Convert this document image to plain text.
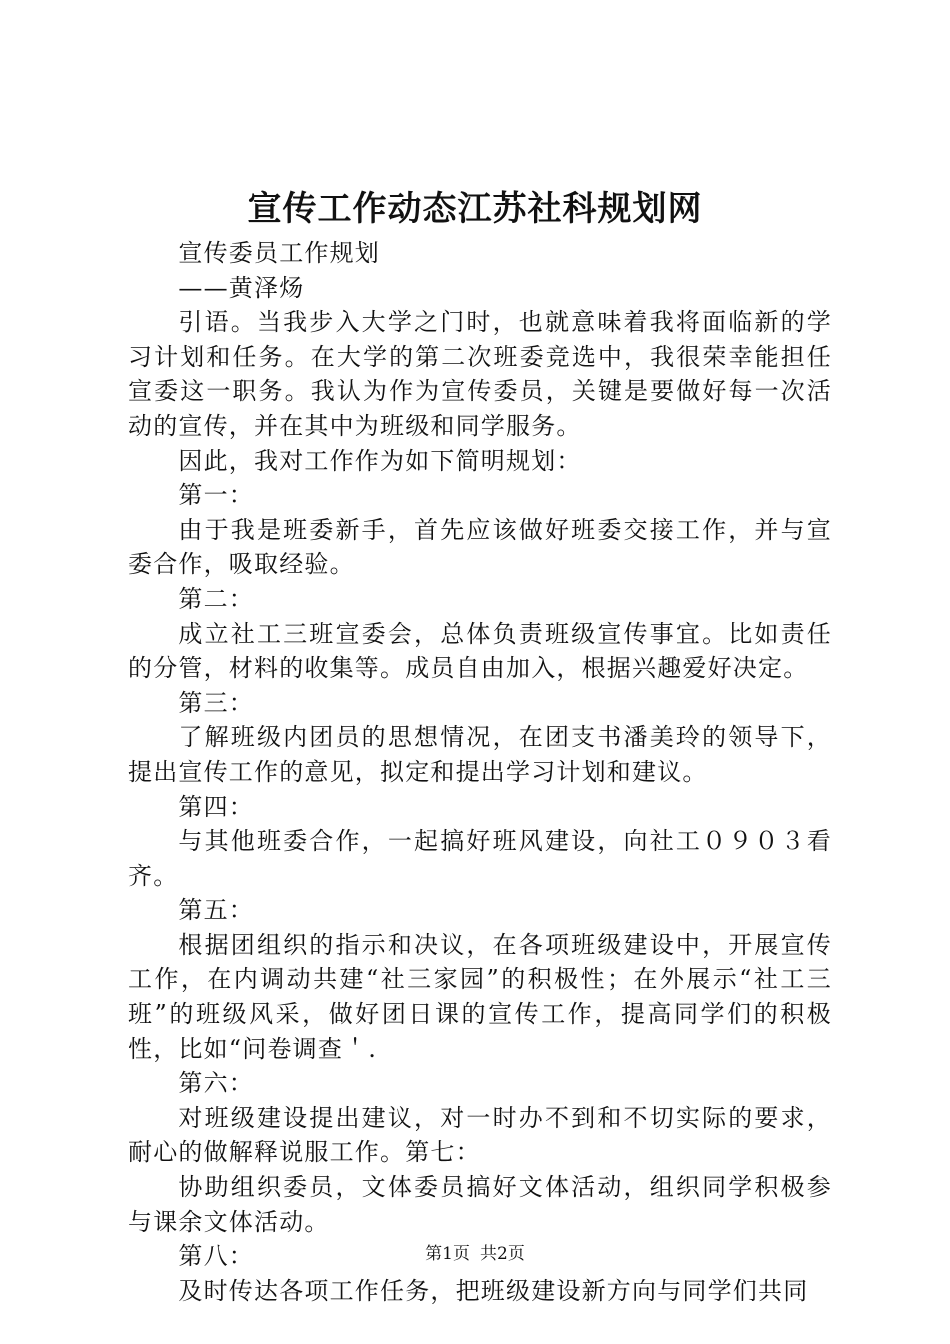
宣传工作动态江苏社科规划网

宣传委员工作规划

——黄泽炀

引语。当我步入大学之门时，也就意味着我将面临新的学习计划和任务。在大学的第二次班委竞选中，我很荣幸能担任宣委这一职务。我认为作为宣传委员，关键是要做好每一次活动的宣传，并在其中为班级和同学服务。

因此，我对工作作为如下简明规划：

第一：

由于我是班委新手，首先应该做好班委交接工作，并与宣委合作，吸取经验。

第二：

成立社工三班宣委会，总体负责班级宣传事宜。比如责任的分管，材料的收集等。成员自由加入，根据兴趣爱好决定。

第三：

了解班级内团员的思想情况，在团支书潘美玲的领导下，提出宣传工作的意见，拟定和提出学习计划和建议。

第四：

与其他班委合作，一起搞好班风建设，向社工０９０３看齐。

第五：

根据团组织的指示和决议，在各项班级建设中，开展宣传工作，在内调动共建“社三家园”的积极性；在外展示“社工三班”的班级风采，做好团日课的宣传工作，提高同学们的积极性，比如“问卷调查＇.

第六：

对班级建设提出建议，对一时办不到和不切实际的要求，耐心的做解释说服工作。第七：

协助组织委员，文体委员搞好文体活动，组织同学积极参与课余文体活动。

第八：

及时传达各项工作任务，把班级建设新方向与同学们共同

第1页 共2页
